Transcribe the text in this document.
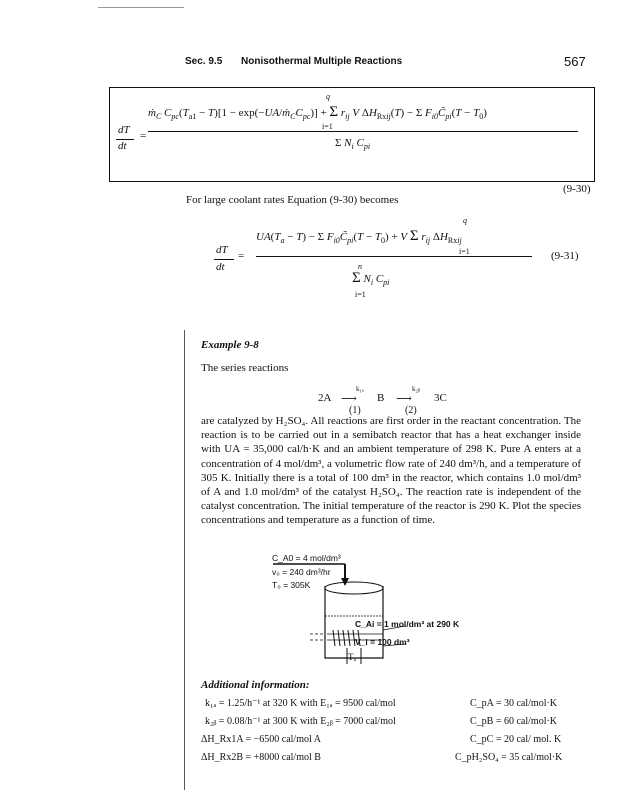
Sec. 9.5 Nonisothermal Multiple Reactions	567
dT
dt
=
ṁ$_C$ $C_{pc}(T_{a1} - T)[1$ − $\exp(-UA/ṁ_CC_{pc})] + \Sigma$ $r_{ij}$ V $\Delta H_{Rxij}(T) - \Sigma$ $F_{i0}C̃_{pi}(T - T_0)$
q
i=1
Σ $N_i$ $C_{pi}$
(9-30)
For large coolant rates Equation (9-30) becomes
dT
dt
=
$UA(T_a - T) - \Sigma$ $F_{i0}C̃_{pi}(T - T_0) + V$ Σ $r_{ij}$ $\Delta H_{Rxij}$
q
i=1
n
Σ $N_i$ $C_{pi}$
i=1
(9-31)
Example 9-8
The series reactions
2A
k₁ₐ
⟶ B
k₂ᵦ
⟶ 3C
(1)	(2)
are catalyzed by H₂SO₄. All reactions are first order in the reactant concentration. The reaction is to be carried out in a semibatch reactor that has a heat exchanger inside with UA = 35,000 cal/h·K and an ambient temperature of 298 K. Pure A enters at a concentration of 4 mol/dm³, a volumetric flow rate of 240 dm³/h, and a temperature of 305 K. Initially there is a total of 100 dm³ in the reactor, which contains 1.0 mol/dm³ of A and 1.0 mol/dm³ of the catalyst H₂SO₄. The reaction rate is independent of the catalyst concentration. The initial temperature of the reactor is 290 K. Plot the species concentrations and temperature as a function of time.
C_A0 = 4 mol/dm³
v₀ = 240 dm³/hr
T₀ = 305K
C_Ai = 1 mol/dm³ at 290 K
V_i = 100 dm³
Tₐ
Additional information:
k₁ₐ = 1.25/h⁻¹ at 320 K with E₁ₐ = 9500 cal/mol
k₂ᵦ = 0.08/h⁻¹ at 300 K with E₂ᵦ = 7000 cal/mol
ΔH_Rx1A = −6500 cal/mol A
ΔH_Rx2B = +8000 cal/mol B
C_pA = 30 cal/mol·K
C_pB = 60 cal/mol·K
C_pC = 20 cal/ mol. K
C_pH₂SO₄ = 35 cal/mol·K
